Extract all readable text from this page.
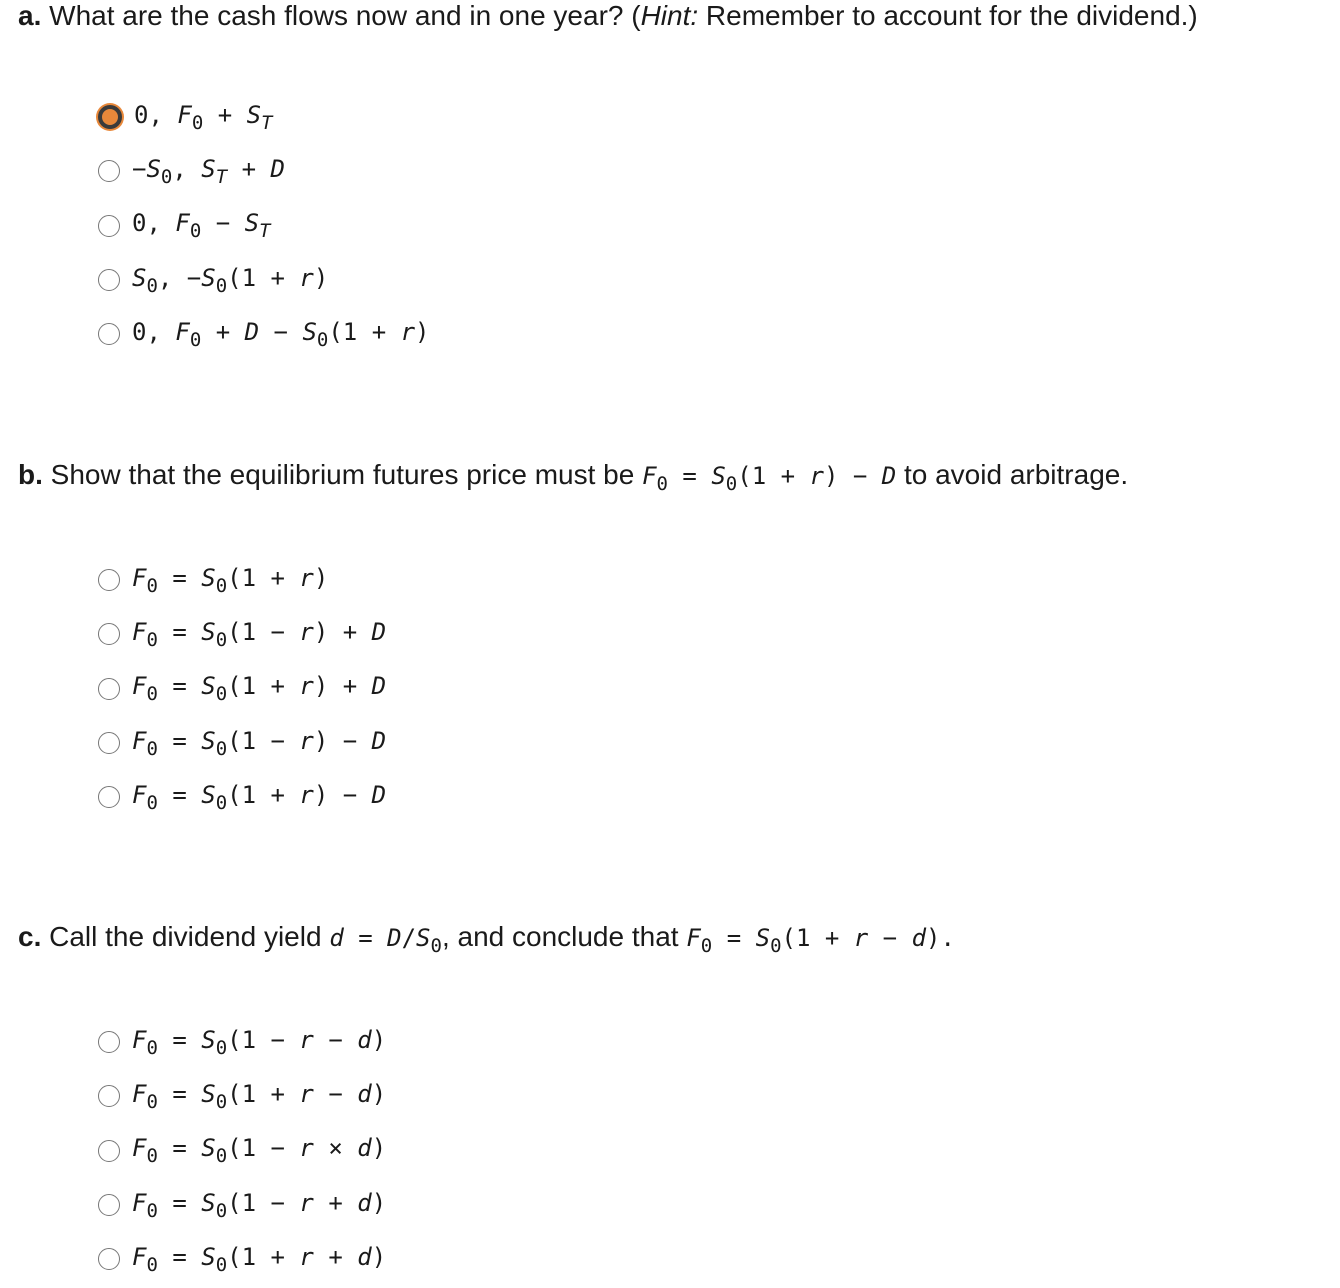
a. What are the cash flows now and in one year? (Hint: Remember to account for the dividend.)
0, $F_0 + S_T$
$-S_0$, $S_T + D$
0, $F_0 - S_T$
$S_0$, $-S_0(1 + r)$
0, $F_0 + D - S_0(1 + r)$
b. Show that the equilibrium futures price must be $F_0 = S_0(1 + r) - D$ to avoid arbitrage.
$F_0 = S_0(1 + r)$
$F_0 = S_0(1 - r) + D$
$F_0 = S_0(1 + r) + D$
$F_0 = S_0(1 - r) - D$
$F_0 = S_0(1 + r) - D$
c. Call the dividend yield $d = D/S_0$, and conclude that $F_0 = S_0(1 + r - d)$.
$F_0 = S_0(1 - r - d)$
$F_0 = S_0(1 + r - d)$
$F_0 = S_0(1 - r \times d)$
$F_0 = S_0(1 - r + d)$
$F_0 = S_0(1 + r + d)$
